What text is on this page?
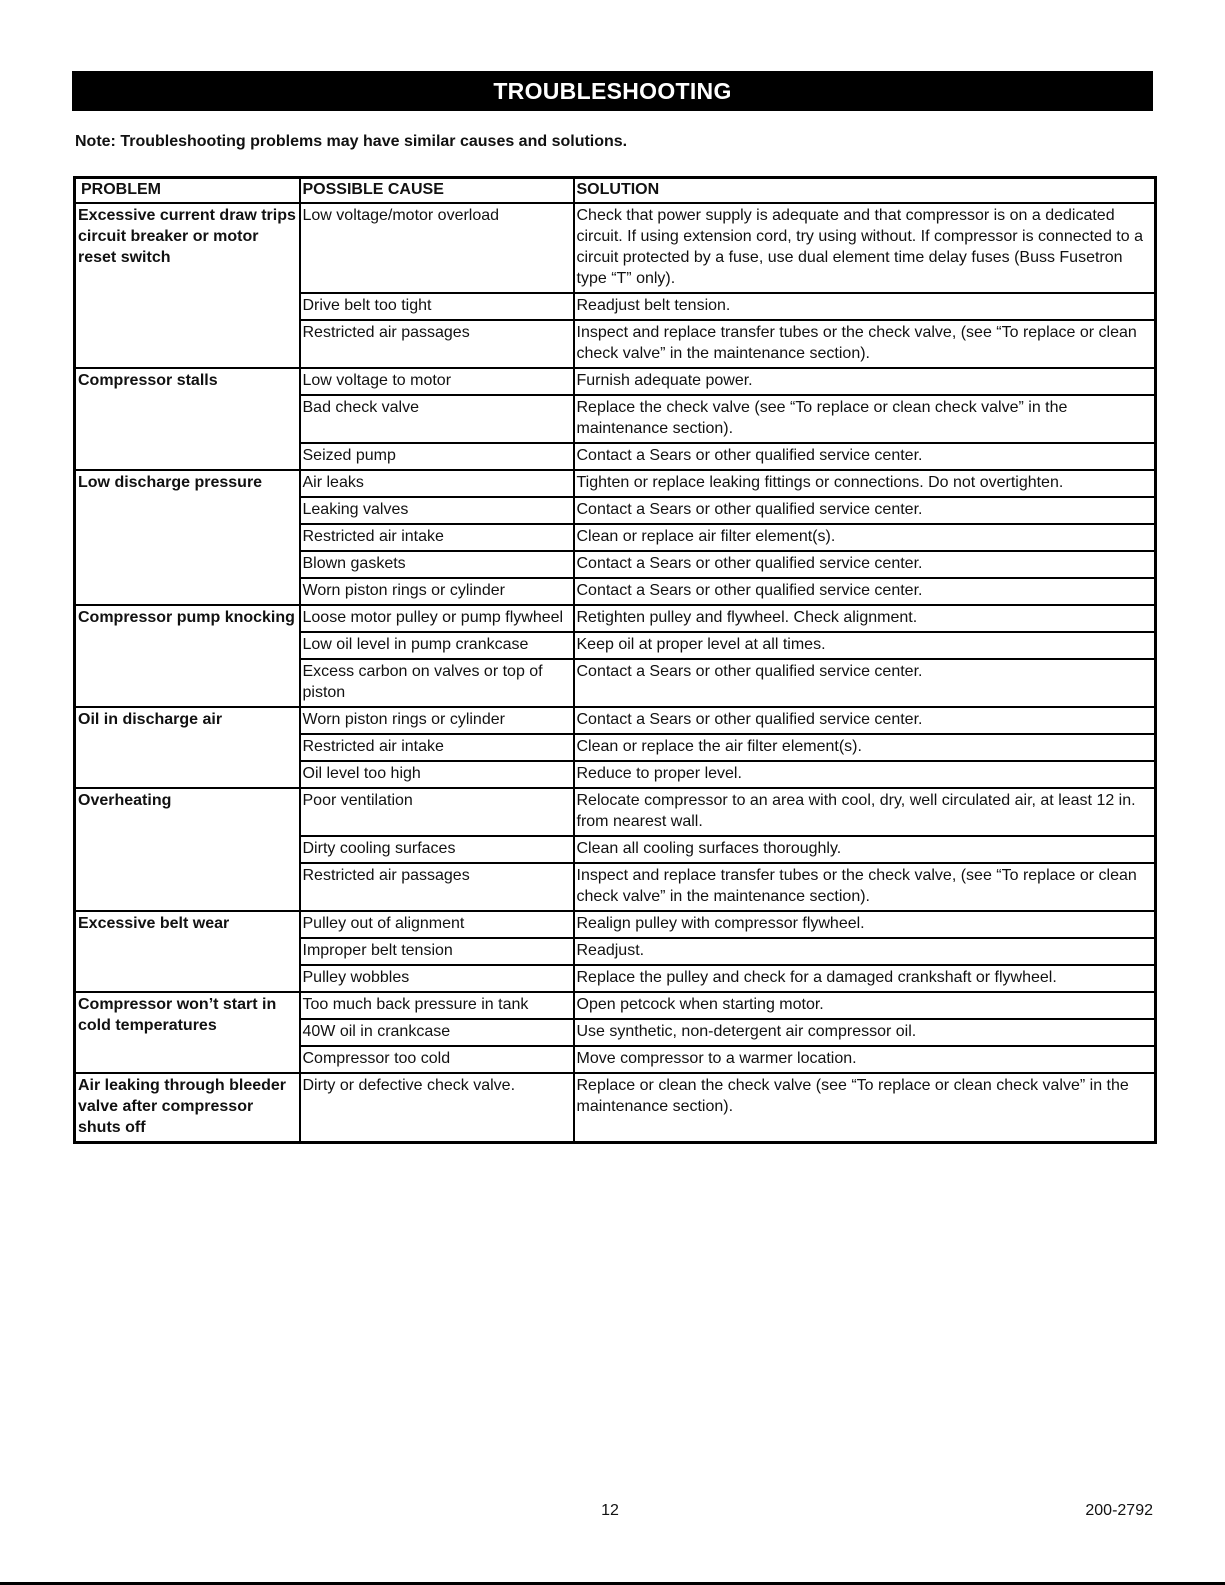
TROUBLESHOOTING
Note: Troubleshooting problems may have similar causes and solutions.
PROBLEM	POSSIBLE CAUSE	SOLUTION
Excessive current draw trips circuit breaker or motor reset switch	Low voltage/motor overload	Check that power supply is adequate and that compressor is on a dedicated circuit. If using extension cord, try using without. If compressor is connected to a circuit protected by a fuse, use dual element time delay fuses (Buss Fusetron type “T” only).
	Drive belt too tight	Readjust belt tension.
	Restricted air passages	Inspect and replace transfer tubes or the check valve, (see “To replace or clean check valve” in the maintenance section).
Compressor stalls	Low voltage to motor	Furnish adequate power.
	Bad check valve	Replace the check valve (see “To replace or clean check valve” in the maintenance section).
	Seized pump	Contact a Sears or other qualified service center.
Low discharge pressure	Air leaks	Tighten or replace leaking fittings or connections. Do not overtighten.
	Leaking valves	Contact a Sears or other qualified service center.
	Restricted air intake	Clean or replace air filter element(s).
	Blown gaskets	Contact a Sears or other qualified service center.
	Worn piston rings or cylinder	Contact a Sears or other qualified service center.
Compressor pump knocking	Loose motor pulley or pump flywheel	Retighten pulley and flywheel. Check alignment.
	Low oil level in pump crankcase	Keep oil at proper level at all times.
	Excess carbon on valves or top of piston	Contact a Sears or other qualified service center.
Oil in discharge air	Worn piston rings or cylinder	Contact a Sears or other qualified service center.
	Restricted air intake	Clean or replace the air filter element(s).
	Oil level too high	Reduce to proper level.
Overheating	Poor ventilation	Relocate compressor to an area with cool, dry, well circulated air, at least 12 in. from nearest wall.
	Dirty cooling surfaces	Clean all cooling surfaces thoroughly.
	Restricted air passages	Inspect and replace transfer tubes or the check valve, (see “To replace or clean check valve” in the maintenance section).
Excessive belt wear	Pulley out of alignment	Realign pulley with compressor flywheel.
	Improper belt tension	Readjust.
	Pulley wobbles	Replace the pulley and check for a damaged crankshaft or flywheel.
Compressor won’t start in cold temperatures	Too much back pressure in tank	Open petcock when starting motor.
	40W oil in crankcase	Use synthetic, non-detergent air compressor oil.
	Compressor too cold	Move compressor to a warmer location.
Air leaking through bleeder valve after compressor shuts off	Dirty or defective check valve.	Replace or clean the check valve (see “To replace or clean check valve” in the maintenance section).
12	200-2792
